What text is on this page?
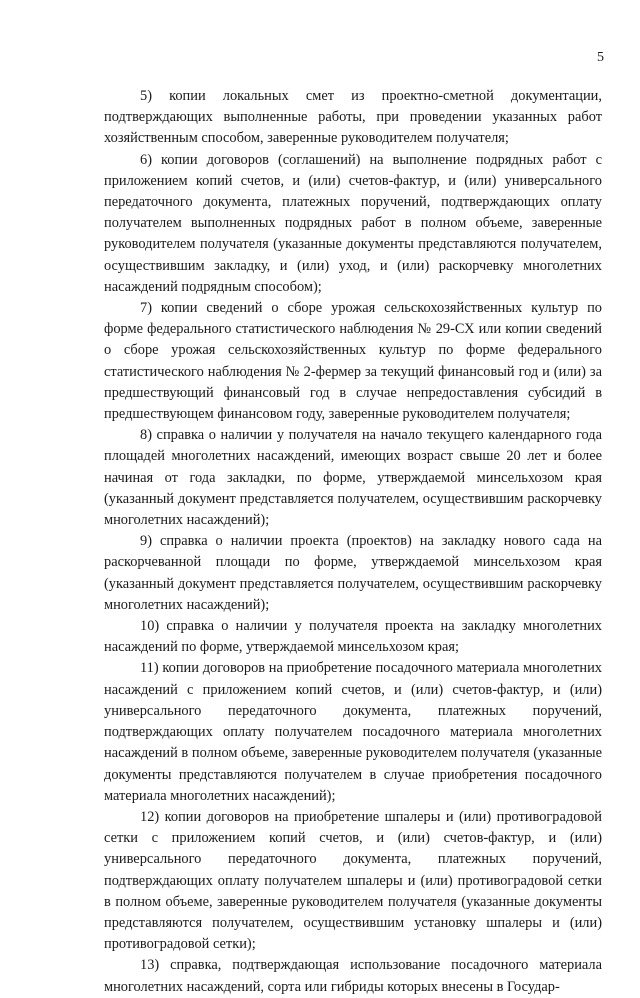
5

5) копии локальных смет из проектно-сметной документации, подтверждающих выполненные работы, при проведении указанных работ хозяйственным способом, заверенные руководителем получателя;

6) копии договоров (соглашений) на выполнение подрядных работ с приложением копий счетов, и (или) счетов-фактур, и (или) универсального передаточного документа, платежных поручений, подтверждающих оплату получателем выполненных подрядных работ в полном объеме, заверенные руководителем получателя (указанные документы представляются получателем, осуществившим закладку, и (или) уход, и (или) раскорчевку многолетних насаждений подрядным способом);

7) копии сведений о сборе урожая сельскохозяйственных культур по форме федерального статистического наблюдения № 29-СХ или копии сведений о сборе урожая сельскохозяйственных культур по форме федерального статистического наблюдения № 2-фермер за текущий финансовый год и (или) за предшествующий финансовый год в случае непредоставления субсидий в предшествующем финансовом году, заверенные руководителем получателя;

8) справка о наличии у получателя на начало текущего календарного года площадей многолетних насаждений, имеющих возраст свыше 20 лет и более начиная от года закладки, по форме, утверждаемой минсельхозом края (указанный документ представляется получателем, осуществившим раскорчевку многолетних насаждений);

9) справка о наличии проекта (проектов) на закладку нового сада на раскорчеванной площади по форме, утверждаемой минсельхозом края (указанный документ представляется получателем, осуществившим раскорчевку многолетних насаждений);

10) справка о наличии у получателя проекта на закладку многолетних насаждений по форме, утверждаемой минсельхозом края;

11) копии договоров на приобретение посадочного материала многолетних насаждений с приложением копий счетов, и (или) счетов-фактур, и (или) универсального передаточного документа, платежных поручений, подтверждающих оплату получателем посадочного материала многолетних насаждений в полном объеме, заверенные руководителем получателя (указанные документы представляются получателем в случае приобретения посадочного материала многолетних насаждений);

12) копии договоров на приобретение шпалеры и (или) противоградовой сетки с приложением копий счетов, и (или) счетов-фактур, и (или) универсального передаточного документа, платежных поручений, подтверждающих оплату получателем шпалеры и (или) противоградовой сетки в полном объеме, заверенные руководителем получателя (указанные документы представляются получателем, осуществившим установку шпалеры и (или) противоградовой сетки);

13) справка, подтверждающая использование посадочного материала многолетних насаждений, сорта или гибриды которых внесены в Государ-
